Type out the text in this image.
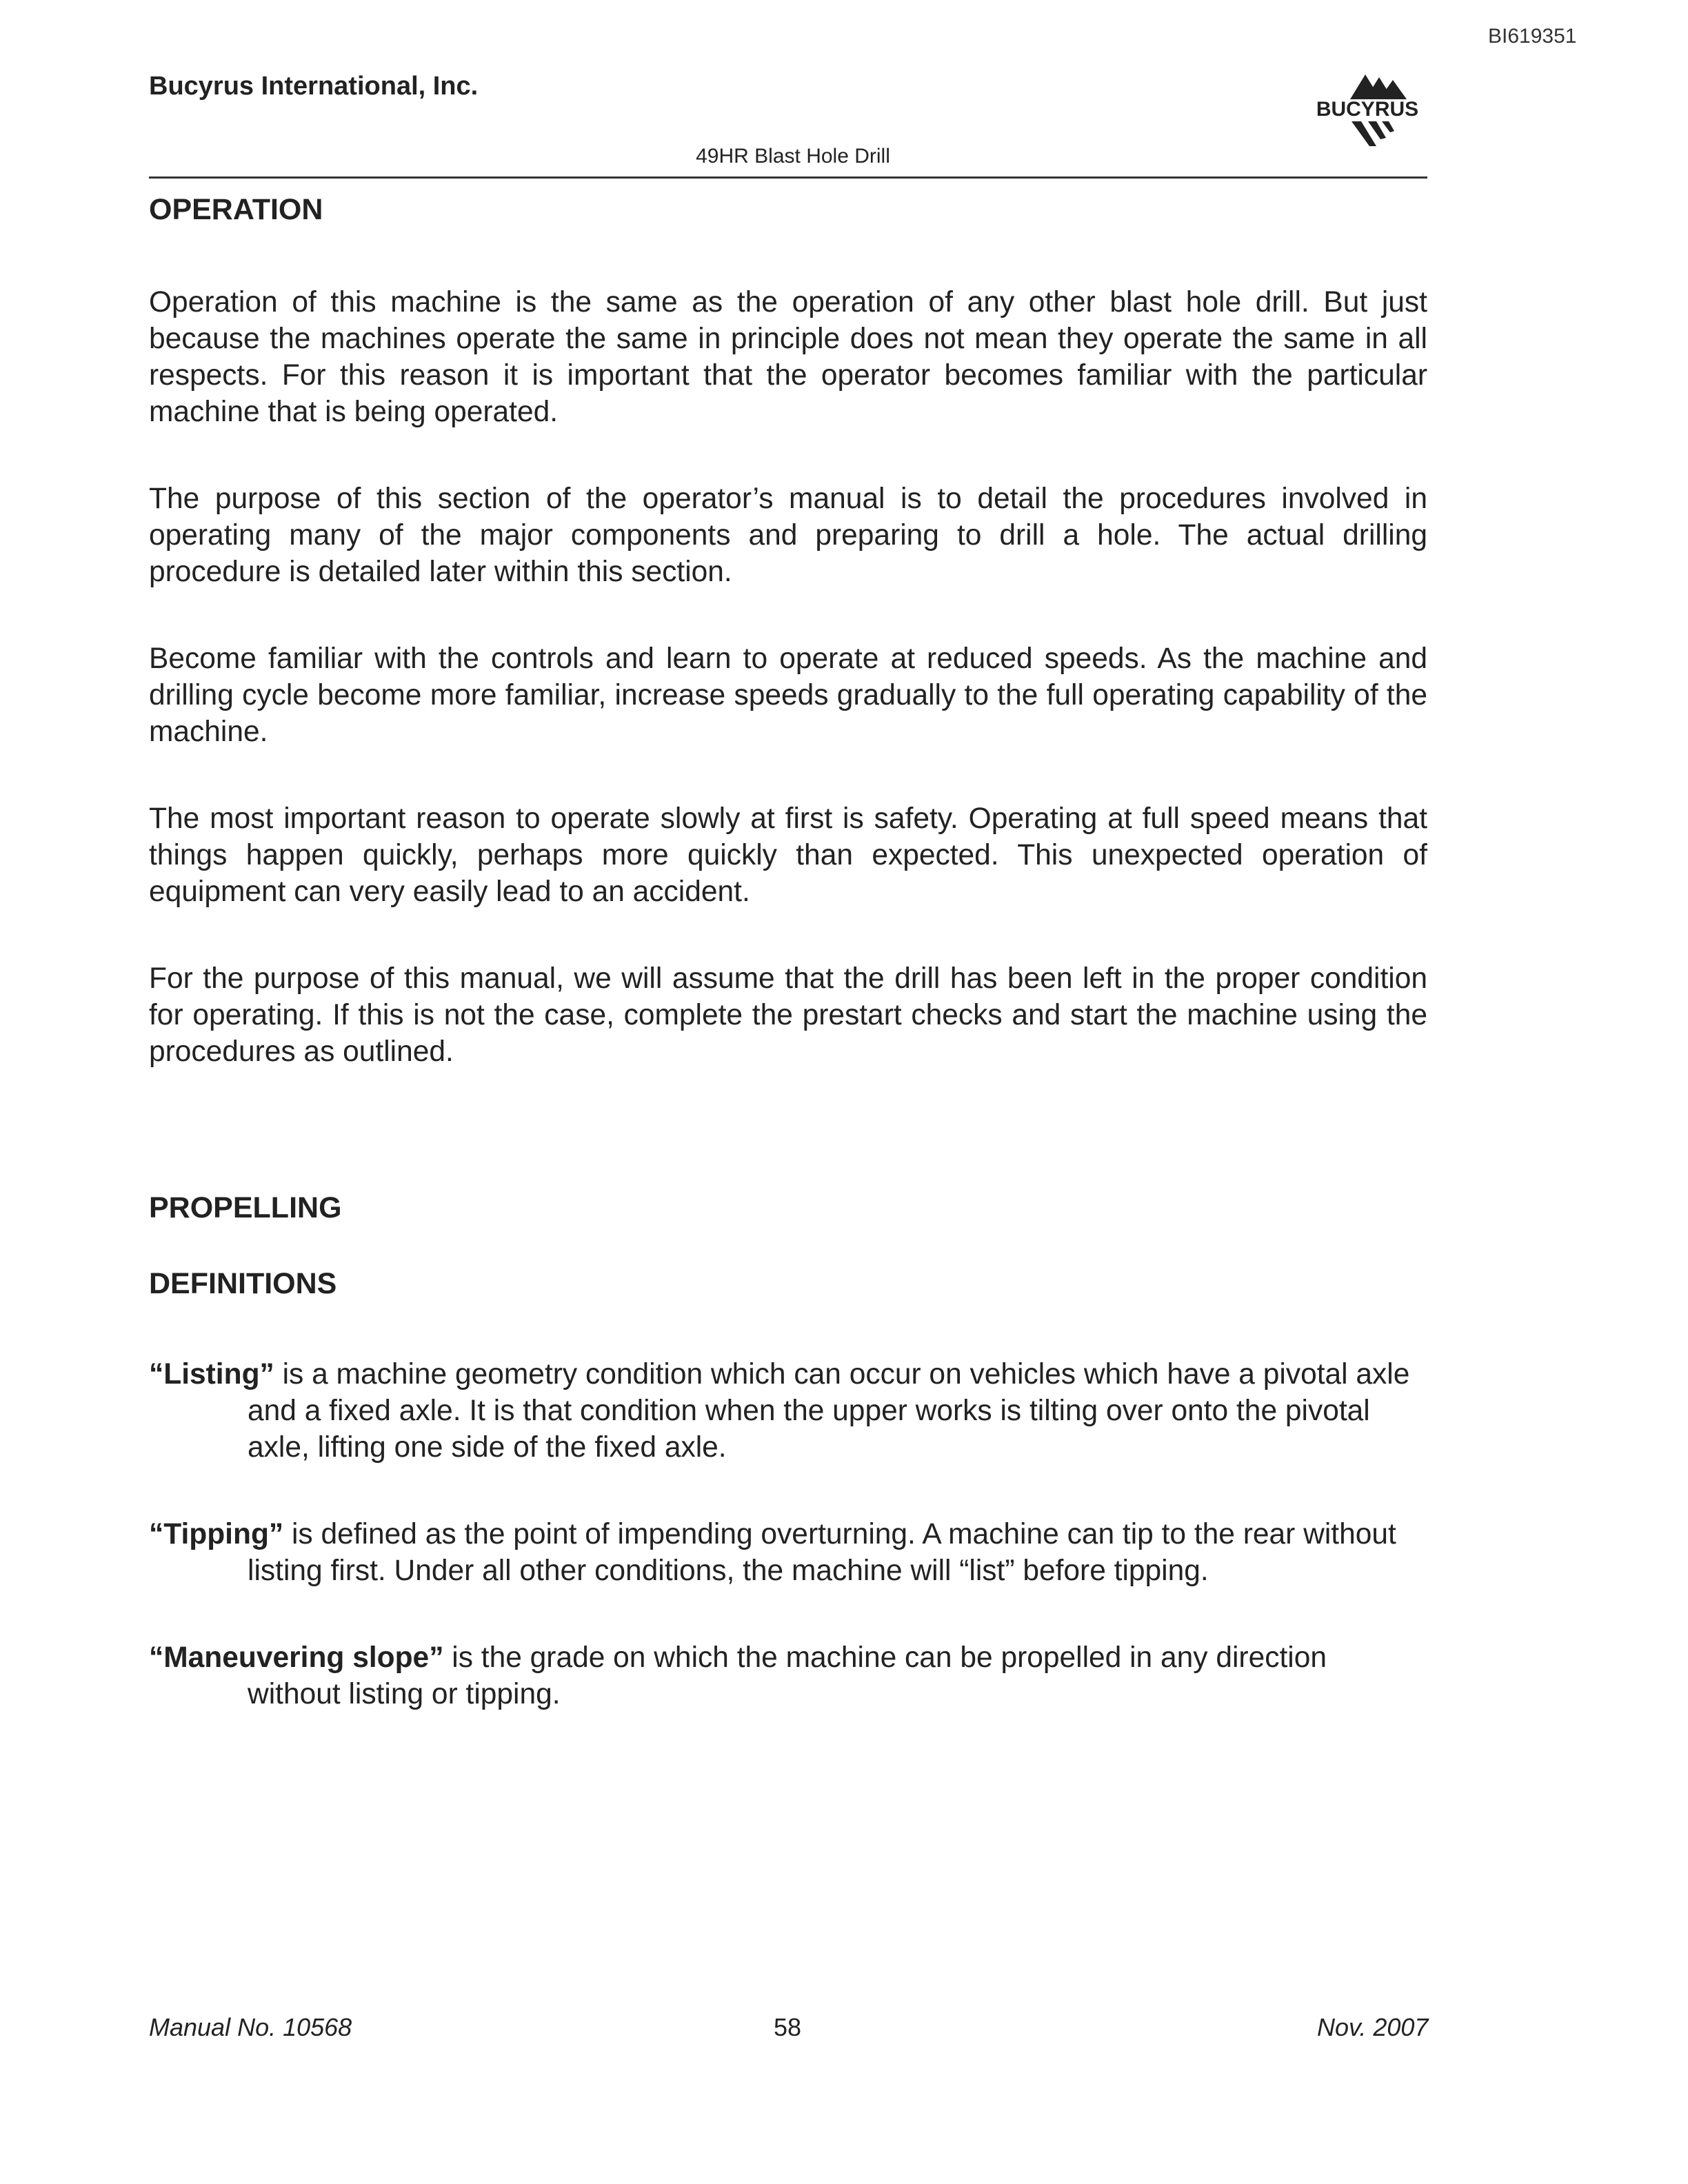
BI619351
Bucyrus International, Inc.
BUCYRUS
49HR Blast Hole Drill
OPERATION

Operation of this machine is the same as the operation of any other blast hole drill. But just because the machines operate the same in principle does not mean they operate the same in all respects. For this reason it is important that the operator becomes familiar with the particular machine that is being operated.

The purpose of this section of the operator’s manual is to detail the procedures involved in operating many of the major components and preparing to drill a hole. The actual drilling procedure is detailed later within this section.

Become familiar with the controls and learn to operate at reduced speeds. As the machine and drilling cycle become more familiar, increase speeds gradually to the full operating capability of the machine.

The most important reason to operate slowly at first is safety. Operating at full speed means that things happen quickly, perhaps more quickly than expected. This unexpected operation of equipment can very easily lead to an accident.

For the purpose of this manual, we will assume that the drill has been left in the proper condition for operating. If this is not the case, complete the prestart checks and start the machine using the procedures as outlined.

PROPELLING
DEFINITIONS

“Listing” is a machine geometry condition which can occur on vehicles which have a pivotal axle and a fixed axle. It is that condition when the upper works is tilting over onto the pivotal axle, lifting one side of the fixed axle.

“Tipping” is defined as the point of impending overturning. A machine can tip to the rear without listing first. Under all other conditions, the machine will “list” before tipping.

“Maneuvering slope” is the grade on which the machine can be propelled in any direction without listing or tipping.

Manual No. 10568	58	Nov. 2007
